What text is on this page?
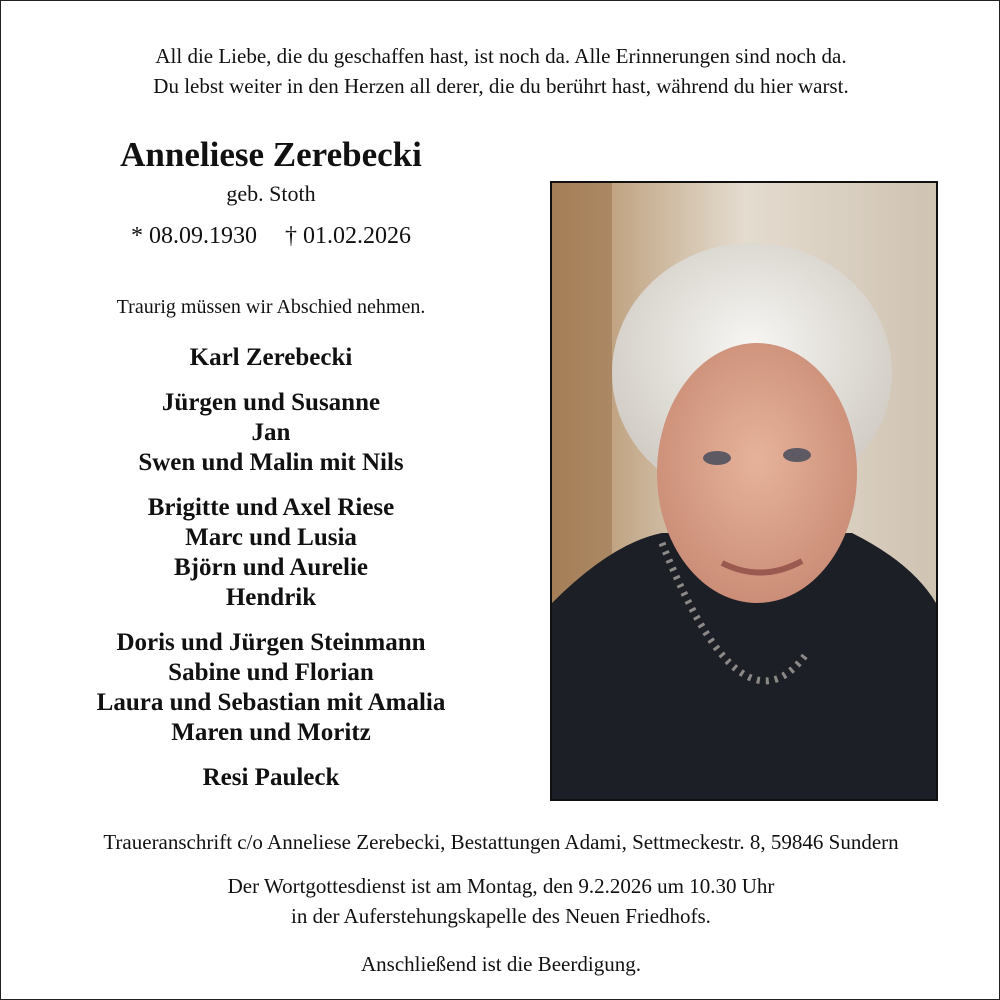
All die Liebe, die du geschaffen hast, ist noch da. Alle Erinnerungen sind noch da.
Du lebst weiter in den Herzen all derer, die du berührt hast, während du hier warst.
Anneliese Zerebecki
geb. Stoth
* 08.09.1930 † 01.02.2026
Traurig müssen wir Abschied nehmen.
Karl Zerebecki
Jürgen und Susanne
Jan
Swen und Malin mit Nils
Brigitte und Axel Riese
Marc und Lusia
Björn und Aurelie
Hendrik
Doris und Jürgen Steinmann
Sabine und Florian
Laura und Sebastian mit Amalia
Maren und Moritz
Resi Pauleck
Traueranschrift c/o Anneliese Zerebecki, Bestattungen Adami, Settmeckestr. 8, 59846 Sundern
Der Wortgottesdienst ist am Montag, den 9.2.2026 um 10.30 Uhr
in der Auferstehungskapelle des Neuen Friedhofs.
Anschließend ist die Beerdigung.
